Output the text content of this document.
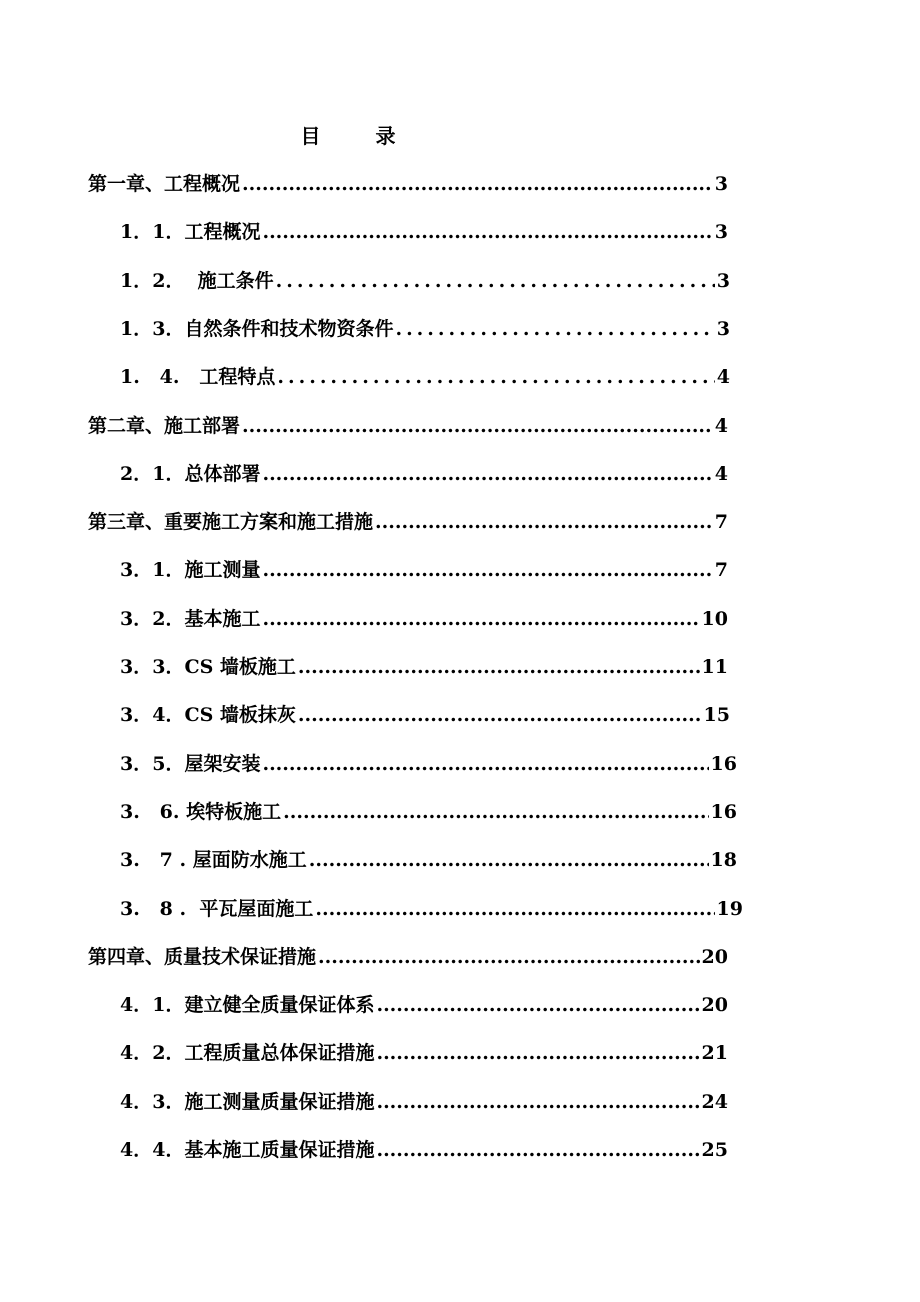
目 录
第一章、工程概况 .....	3
1．1．工程概况 .....	3
1．2．  施工条件 .....	3
1．3．自然条件和技术物资条件 .....	3
1.   4.   工程特点 .....	4
第二章、施工部署 .....	4
2．1．总体部署 .....	4
第三章、重要施工方案和施工措施 .....	7
3．1．施工测量 .....	7
3．2．基本施工 .....	10
3．3．CS 墙板施工 .....	11
3．4．CS 墙板抹灰 .....	15
3．5．屋架安装 .....	16
3.   6. 埃特板施工 .....	16
3.   7 . 屋面防水施工 .....	18
3.   8 .  平瓦屋面施工 .....	19
第四章、质量技术保证措施 .....	20
4．1．建立健全质量保证体系 .....	20
4．2．工程质量总体保证措施 .....	21
4．3．施工测量质量保证措施 .....	24
4．4．基本施工质量保证措施 .....	25
